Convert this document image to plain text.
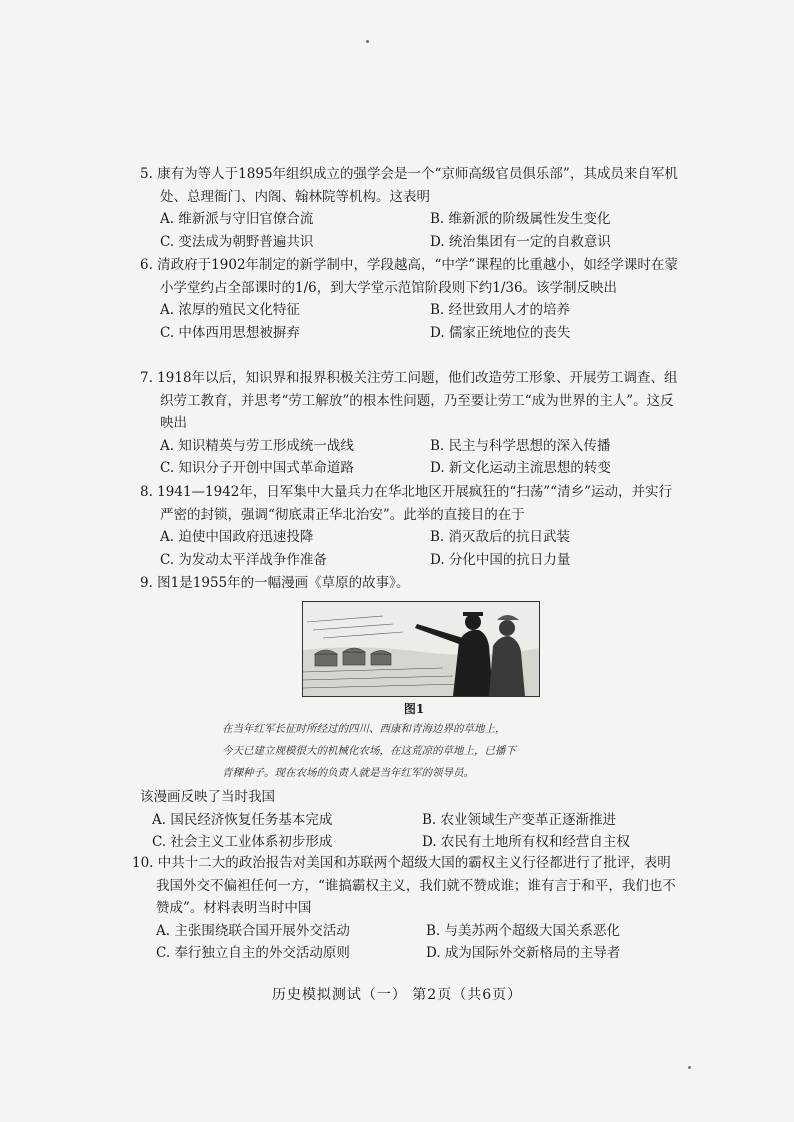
5. 康有为等人于1895年组织成立的强学会是一个“京师高级官员俱乐部”，其成员来自军机处、总理衙门、内阁、翰林院等机构。这表明

A. 维新派与守旧官僚合流	B. 维新派的阶级属性发生变化
C. 变法成为朝野普遍共识	D. 统治集团有一定的自救意识

6. 清政府于1902年制定的新学制中，学段越高，“中学”课程的比重越小，如经学课时在蒙小学堂约占全部课时的1/6，到大学堂示范馆阶段则下约1/36。该学制反映出

A. 浓厚的殖民文化特征	B. 经世致用人才的培养
C. 中体西用思想被摒弃	D. 儒家正统地位的丧失

7. 1918年以后，知识界和报界积极关注劳工问题，他们改造劳工形象、开展劳工调查、组织劳工教育，并思考“劳工解放”的根本性问题，乃至要让劳工“成为世界的主人”。这反映出

A. 知识精英与劳工形成统一战线	B. 民主与科学思想的深入传播
C. 知识分子开创中国式革命道路	D. 新文化运动主流思想的转变

8. 1941—1942年，日军集中大量兵力在华北地区开展疯狂的“扫荡”“清乡”运动，并实行严密的封锁，强调“彻底肃正华北治安”。此举的直接目的在于

A. 迫使中国政府迅速投降	B. 消灭敌后的抗日武装
C. 为发动太平洋战争作准备	D. 分化中国的抗日力量

9. 图1是1955年的一幅漫画《草原的故事》。

图1

在当年红军长征时所经过的四川、西康和青海边界的草地上，

今天已建立规模很大的机械化农场，在这荒凉的草地上，已播下

青稞种子。现在农场的负责人就是当年红军的领导员。

该漫画反映了当时我国

A. 国民经济恢复任务基本完成	B. 农业领域生产变革正逐渐推进
C. 社会主义工业体系初步形成	D. 农民有土地所有权和经营自主权

10. 中共十二大的政治报告对美国和苏联两个超级大国的霸权主义行径都进行了批评，表明我国外交不偏袒任何一方，“谁搞霸权主义，我们就不赞成谁；谁有言于和平，我们也不赞成”。材料表明当时中国

A. 主张围绕联合国开展外交活动	B. 与美苏两个超级大国关系恶化
C. 奉行独立自主的外交活动原则	D. 成为国际外交新格局的主导者
历史模拟测试（一） 第2页（共6页）
